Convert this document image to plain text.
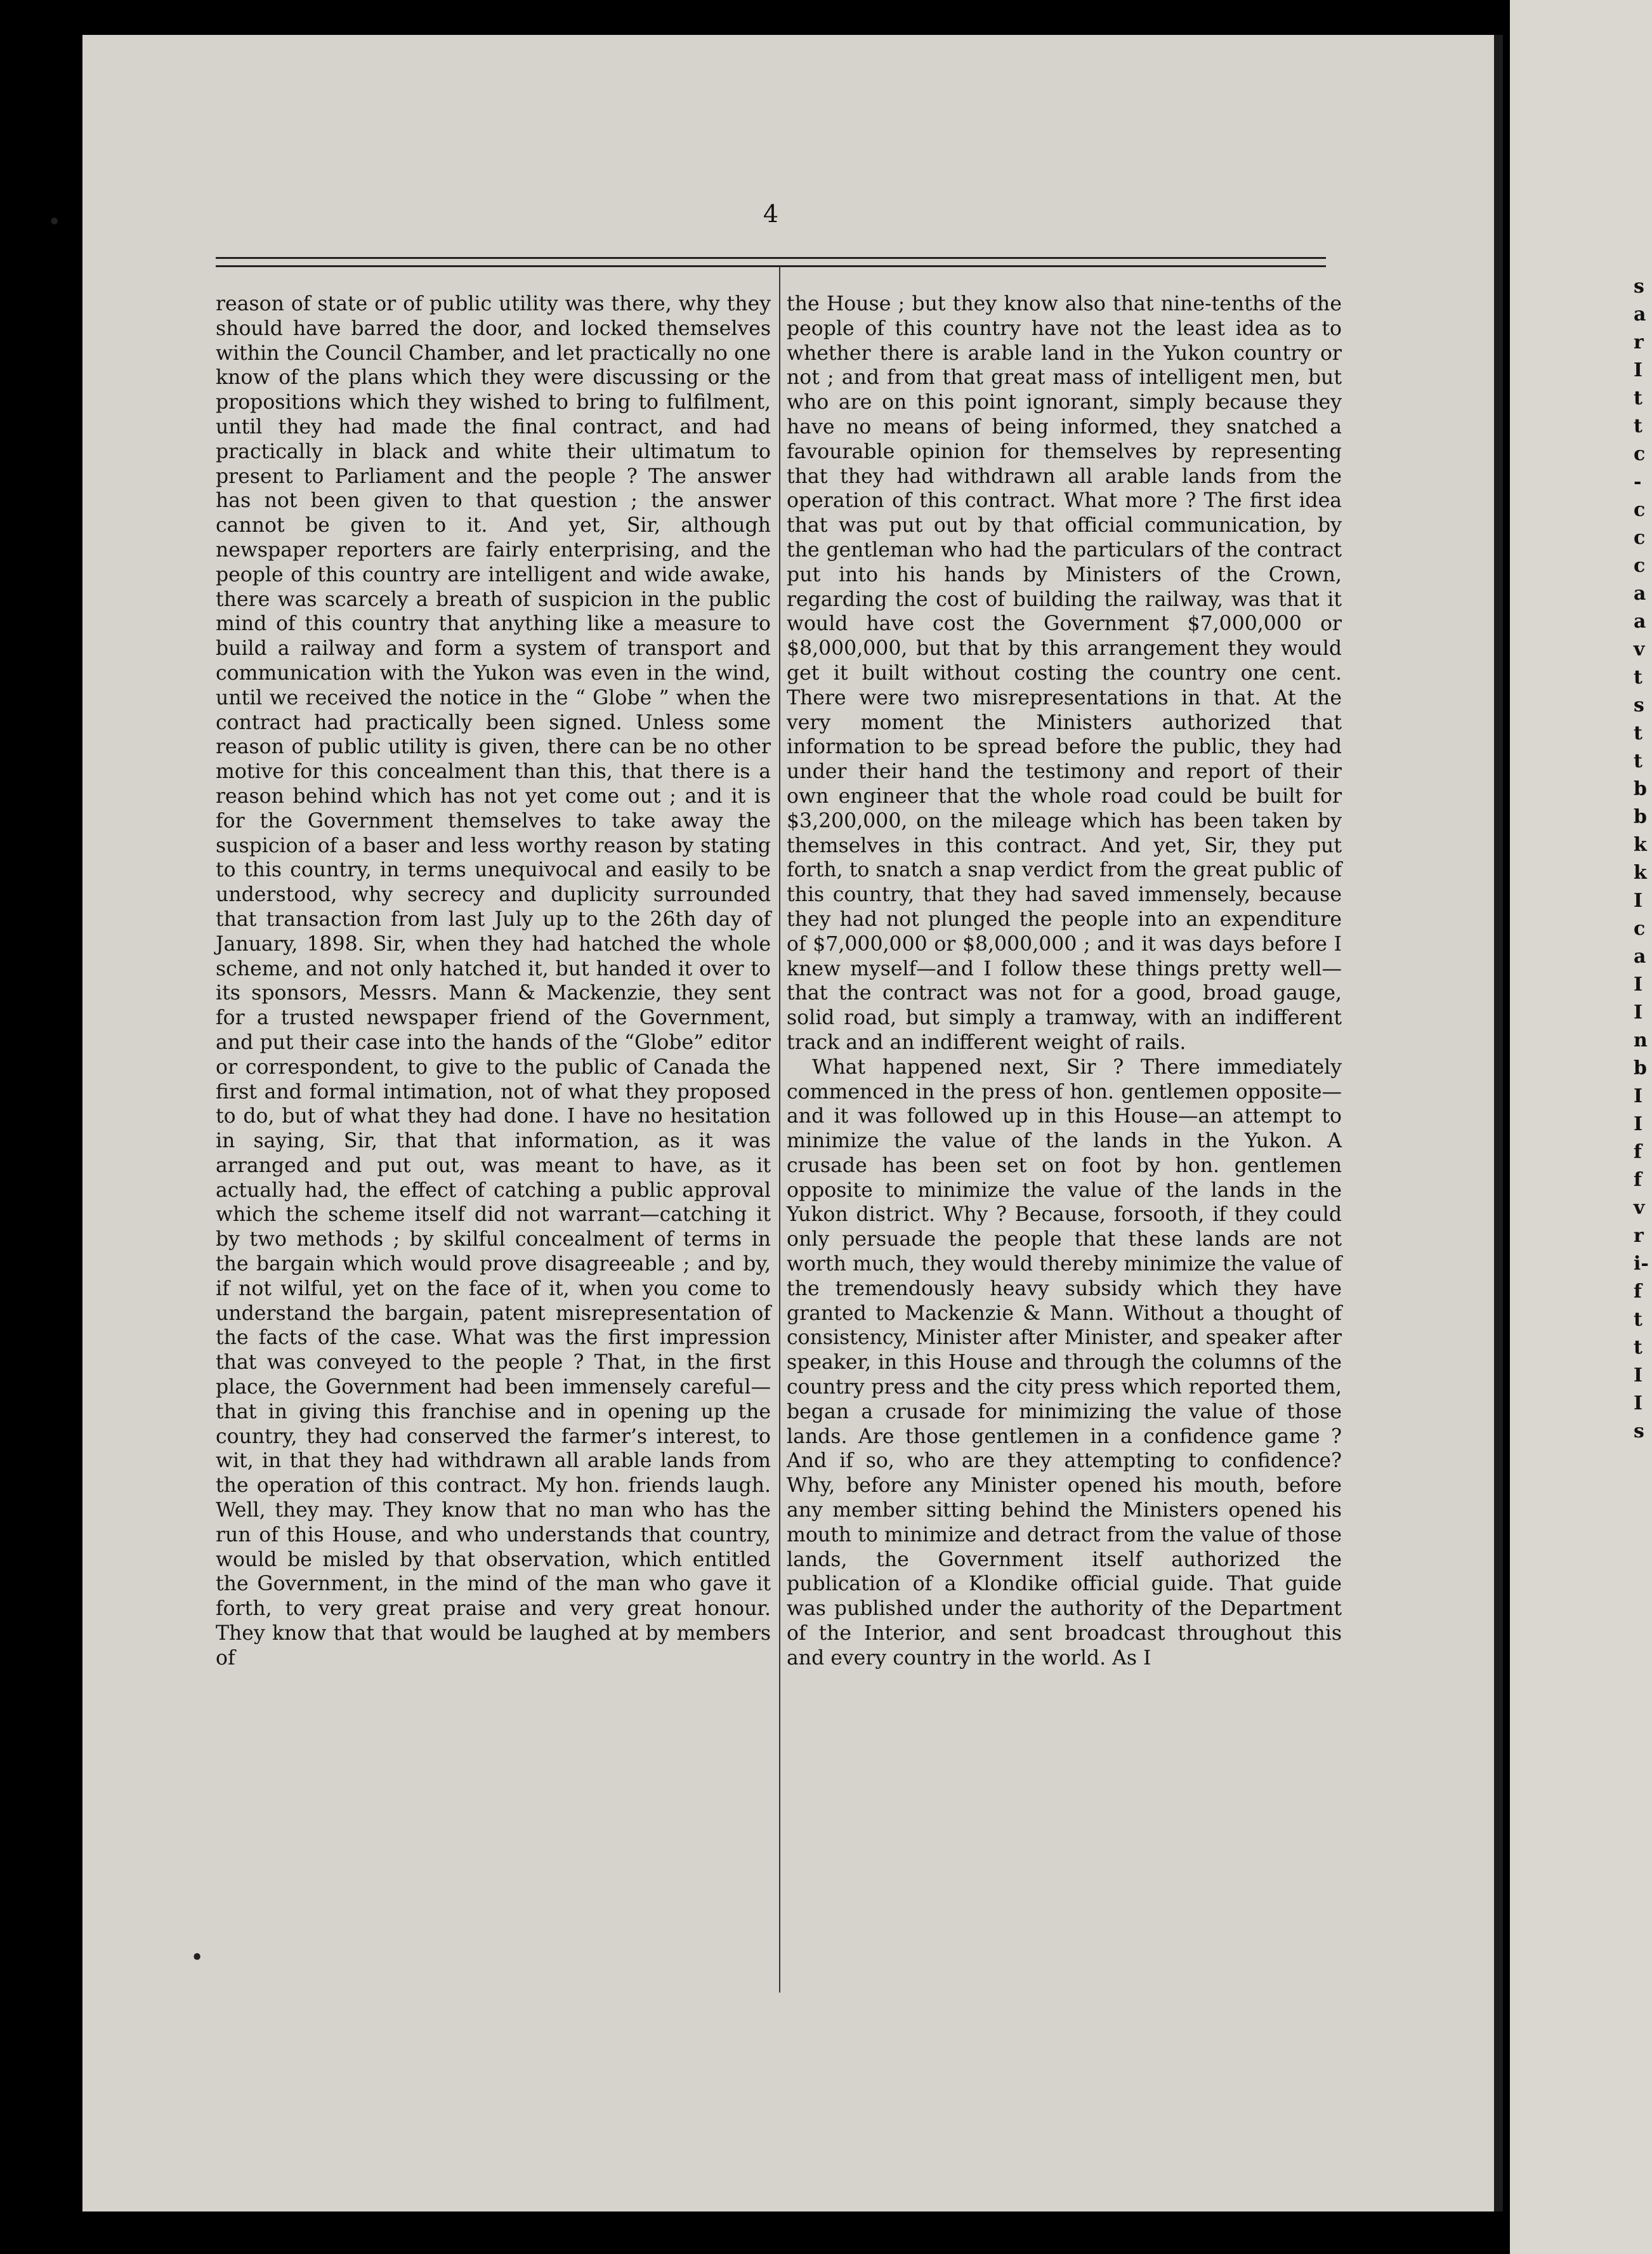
4

reason of state or of public utility was there, why they should have barred the door, and locked themselves within the Council Chamber, and let practically no one know of the plans which they were discussing or the propositions which they wished to bring to fulfilment, until they had made the final contract, and had practically in black and white their ultimatum to present to Parliament and the people ? The answer has not been given to that question ; the answer cannot be given to it. And yet, Sir, although newspaper reporters are fairly enterprising, and the people of this country are intelligent and wide awake, there was scarcely a breath of suspicion in the public mind of this country that anything like a measure to build a railway and form a system of transport and communication with the Yukon was even in the wind, until we received the notice in the “ Globe ” when the contract had practically been signed. Unless some reason of public utility is given, there can be no other motive for this concealment than this, that there is a reason behind which has not yet come out ; and it is for the Government themselves to take away the suspicion of a baser and less worthy reason by stating to this country, in terms unequivocal and easily to be understood, why secrecy and duplicity surrounded that transaction from last July up to the 26th day of January, 1898. Sir, when they had hatched the whole scheme, and not only hatched it, but handed it over to its sponsors, Messrs. Mann & Mackenzie, they sent for a trusted newspaper friend of the Government, and put their case into the hands of the “Globe” editor or correspondent, to give to the public of Canada the first and formal intimation, not of what they proposed to do, but of what they had done. I have no hesitation in saying, Sir, that that information, as it was arranged and put out, was meant to have, as it actually had, the effect of catching a public approval which the scheme itself did not warrant—catching it by two methods ; by skilful concealment of terms in the bargain which would prove disagreeable ; and by, if not wilful, yet on the face of it, when you come to understand the bargain, patent misrepresentation of the facts of the case. What was the first impression that was conveyed to the people ? That, in the first place, the Government had been immensely careful—that in giving this franchise and in opening up the country, they had conserved the farmer’s interest, to wit, in that they had withdrawn all arable lands from the operation of this contract. My hon. friends laugh. Well, they may. They know that no man who has the run of this House, and who understands that country, would be misled by that observation, which entitled the Government, in the mind of the man who gave it forth, to very great praise and very great honour. They know that that would be laughed at by members of

the House ; but they know also that nine-tenths of the people of this country have not the least idea as to whether there is arable land in the Yukon country or not ; and from that great mass of intelligent men, but who are on this point ignorant, simply because they have no means of being informed, they snatched a favourable opinion for themselves by representing that they had withdrawn all arable lands from the operation of this contract. What more ? The first idea that was put out by that official communication, by the gentleman who had the particulars of the contract put into his hands by Ministers of the Crown, regarding the cost of building the railway, was that it would have cost the Government $7,000,000 or $8,000,000, but that by this arrangement they would get it built without costing the country one cent. There were two misrepresentations in that. At the very moment the Ministers authorized that information to be spread before the public, they had under their hand the testimony and report of their own engineer that the whole road could be built for $3,200,000, on the mileage which has been taken by themselves in this contract. And yet, Sir, they put forth, to snatch a snap verdict from the great public of this country, that they had saved immensely, because they had not plunged the people into an expenditure of $7,000,000 or $8,000,000 ; and it was days before I knew myself—and I follow these things pretty well—that the contract was not for a good, broad gauge, solid road, but simply a tramway, with an indifferent track and an indifferent weight of rails.

What happened next, Sir ? There immediately commenced in the press of hon. gentlemen opposite—and it was followed up in this House—an attempt to minimize the value of the lands in the Yukon. A crusade has been set on foot by hon. gentlemen opposite to minimize the value of the lands in the Yukon district. Why ? Because, forsooth, if they could only persuade the people that these lands are not worth much, they would thereby minimize the value of the tremendously heavy subsidy which they have granted to Mackenzie & Mann. Without a thought of consistency, Minister after Minister, and speaker after speaker, in this House and through the columns of the country press and the city press which reported them, began a crusade for minimizing the value of those lands. Are those gentlemen in a confidence game ? And if so, who are they attempting to confidence? Why, before any Minister opened his mouth, before any member sitting behind the Ministers opened his mouth to minimize and detract from the value of those lands, the Government itself authorized the publication of a Klondike official guide. That guide was published under the authority of the Department of the Interior, and sent broadcast throughout this and every country in the world. As I

sarIttc-cccaavtsttbbkkIcaIInbIIffvri-fttIIs
•
•
